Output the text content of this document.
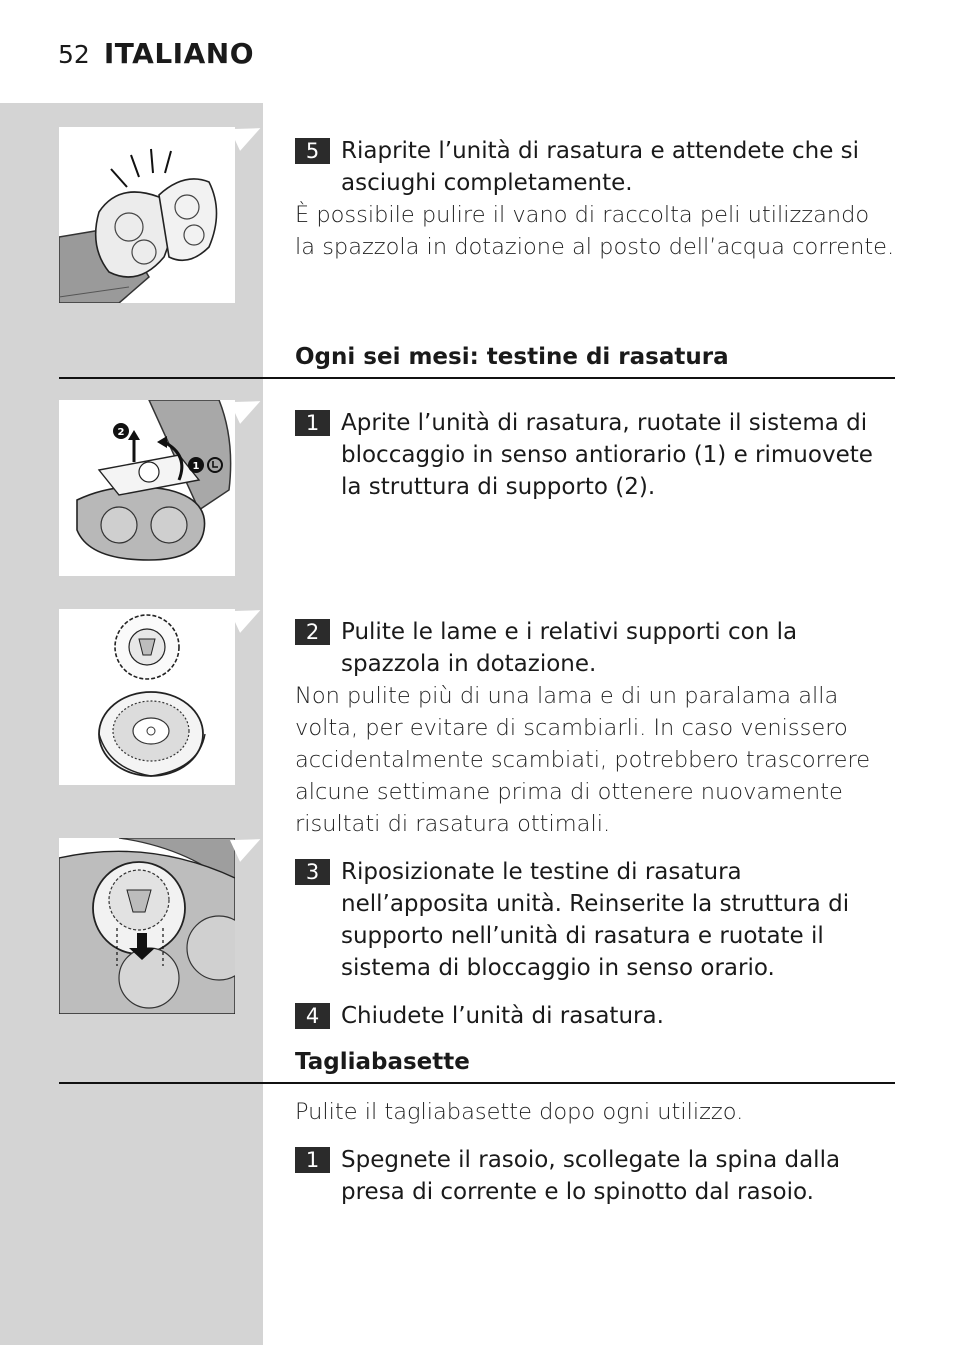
52 ITALIANO
5 Riaprite l’unità di rasatura e attendete che si asciughi completamente.
È possibile pulire il vano di raccolta peli utilizzando la spazzola in dotazione al posto dell’acqua corrente.
Ogni sei mesi: testine di rasatura
2
1
1 Aprite l’unità di rasatura, ruotate il sistema di bloccaggio in senso antiorario (1) e rimuovete la struttura di supporto (2).
2 Pulite le lame e i relativi supporti con la spazzola in dotazione.
Non pulite più di una lama e di un paralama alla volta, per evitare di scambiarli. In caso venissero accidentalmente scambiati, potrebbero trascorrere alcune settimane prima di ottenere nuovamente risultati di rasatura ottimali.
3 Riposizionate le testine di rasatura nell’apposita unità. Reinserite la struttura di supporto nell’unità di rasatura e ruotate il sistema di bloccaggio in senso orario.
4 Chiudete l’unità di rasatura.
Tagliabasette
Pulite il tagliabasette dopo ogni utilizzo.
1 Spegnete il rasoio, scollegate la spina dalla presa di corrente e lo spinotto dal rasoio.
